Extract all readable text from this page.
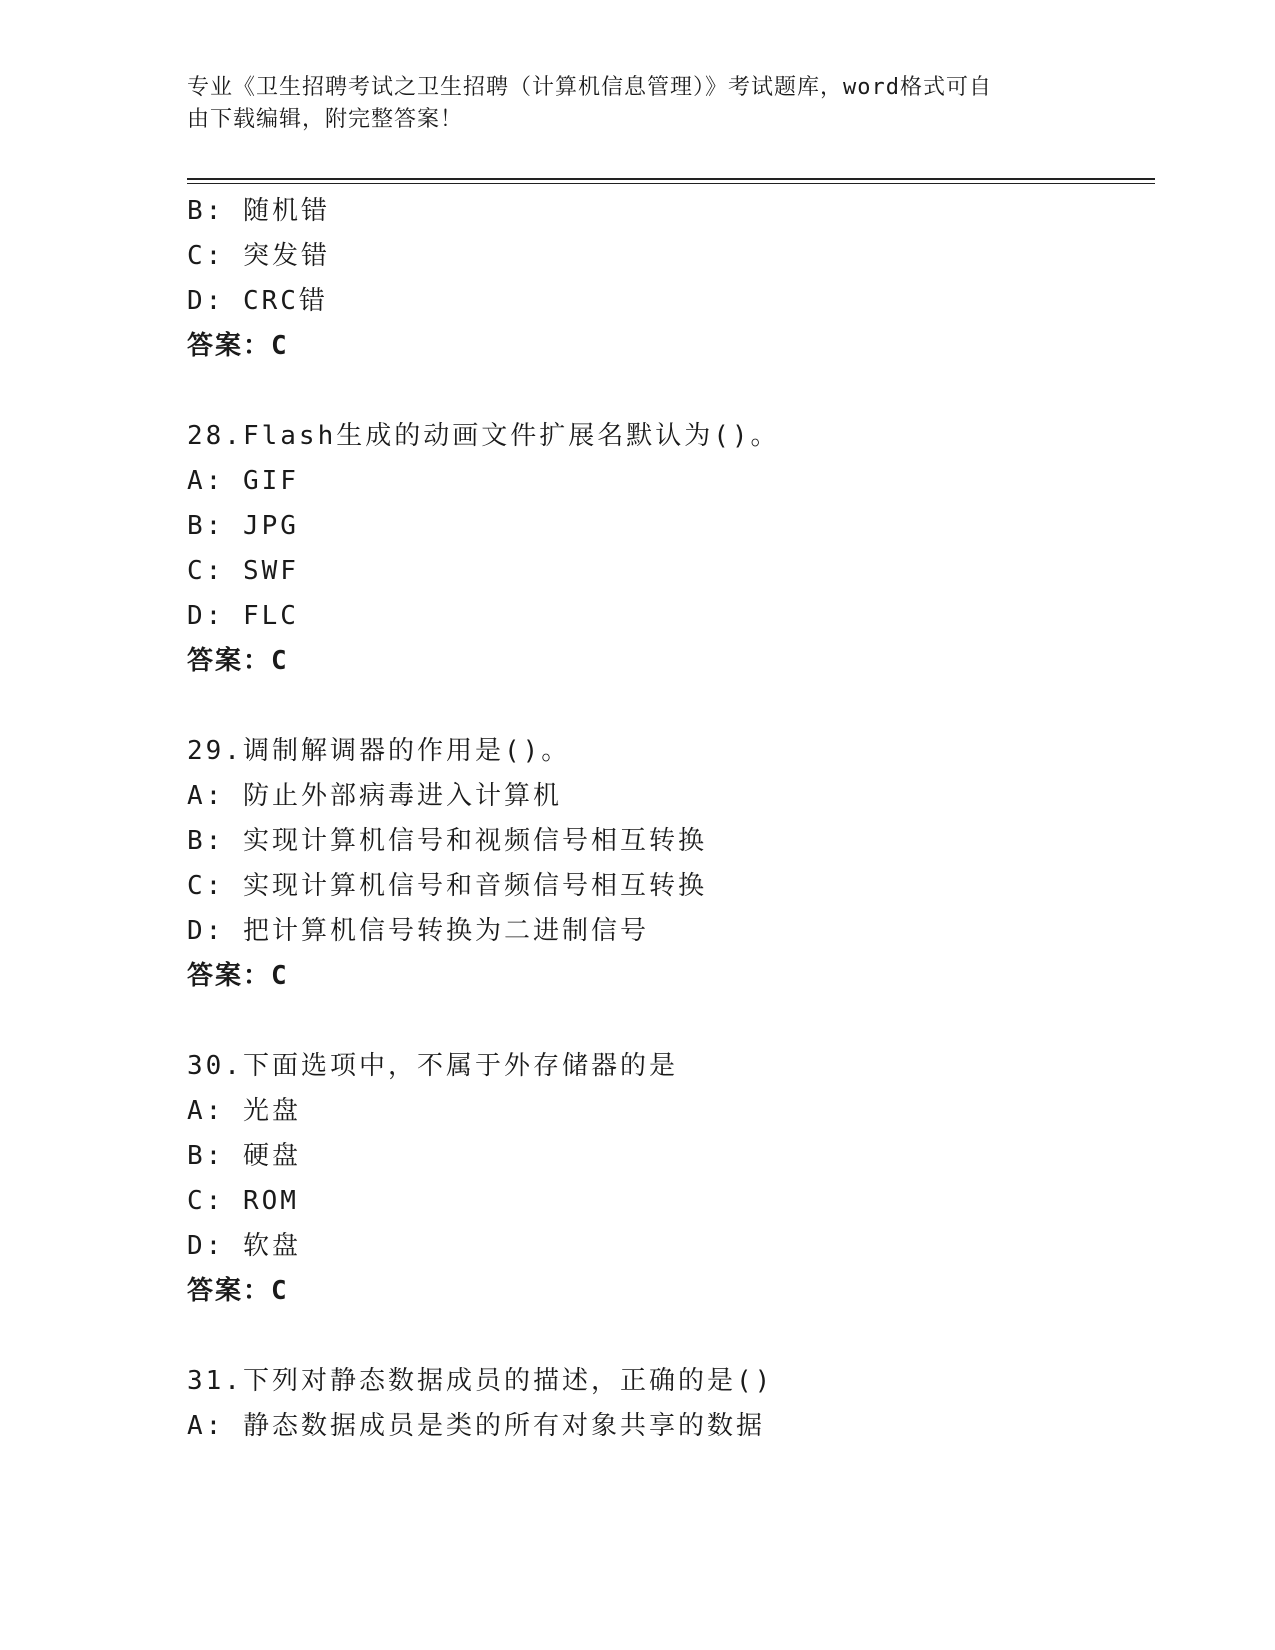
专业《卫生招聘考试之卫生招聘（计算机信息管理）》考试题库，word格式可自
由下载编辑，附完整答案！
B: 随机错
C: 突发错
D: CRC错
答案：C
28.Flash生成的动画文件扩展名默认为()。
A: GIF
B: JPG
C: SWF
D: FLC
答案：C
29.调制解调器的作用是()。
A: 防止外部病毒进入计算机
B: 实现计算机信号和视频信号相互转换
C: 实现计算机信号和音频信号相互转换
D: 把计算机信号转换为二进制信号
答案：C
30.下面选项中，不属于外存储器的是
A: 光盘
B: 硬盘
C: ROM
D: 软盘
答案：C
31.下列对静态数据成员的描述，正确的是()
A: 静态数据成员是类的所有对象共享的数据
